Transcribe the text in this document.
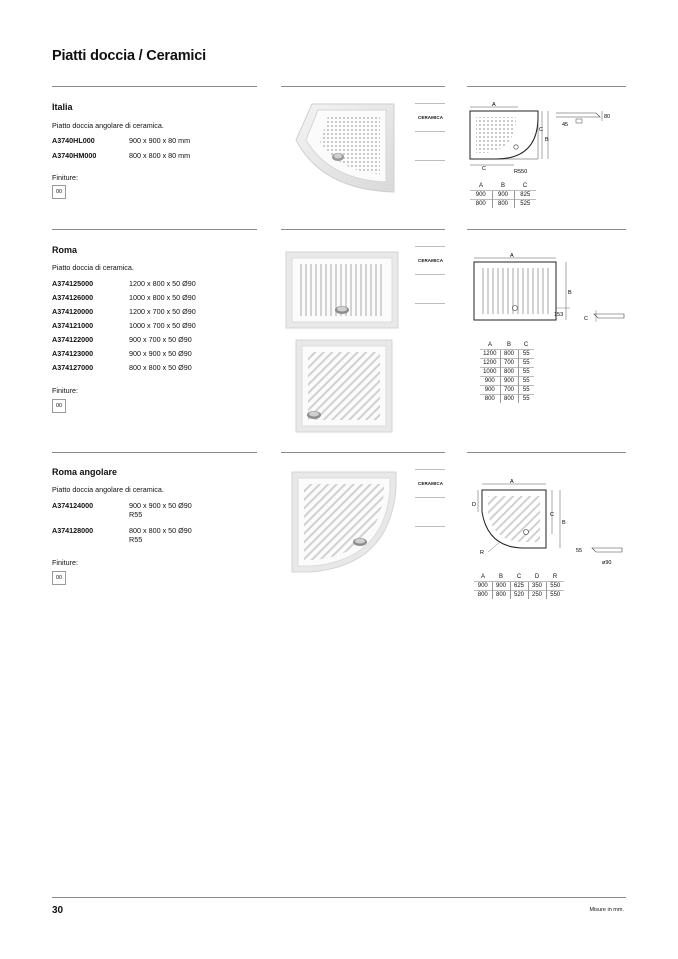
Piatti doccia / Ceramici
Italia
Piatto doccia angolare di ceramica.
A3740HL000	900 x 900 x 80 mm
A3740HM000	800 x 800 x 80 mm
Finiture:
00
CERAMICA
A
C
B
C	R550
45
80
A	B	C
900	900	825
800	800	525
Roma
Piatto doccia di ceramica.
A374125000	1200 x 800 x 50 Ø90
A374126000	1000 x 800 x 50 Ø90
A374120000	1200 x 700 x 50 Ø90
A374121000	1000 x 700 x 50 Ø90
A374122000	900 x 700 x 50 Ø90
A374123000	900 x 900 x 50 Ø90
A374127000	800 x 800 x 50 Ø90
Finiture:
00
CERAMICA
A
B
153
C
A	B	C
1200	800	55
1200	700	55
1000	800	55
900	900	55
900	700	55
800	800	55
Roma angolare
Piatto doccia angolare di ceramica.
A374124000	900 x 900 x 50 Ø90
R55
A374128000	800 x 800 x 50 Ø90
R55
Finiture:
00
CERAMICA	A
D
C
B
R	55
ø90
A	B	C	D	R
900	900	625	350	550
800	800	520	250	550
30	Misure in mm.
